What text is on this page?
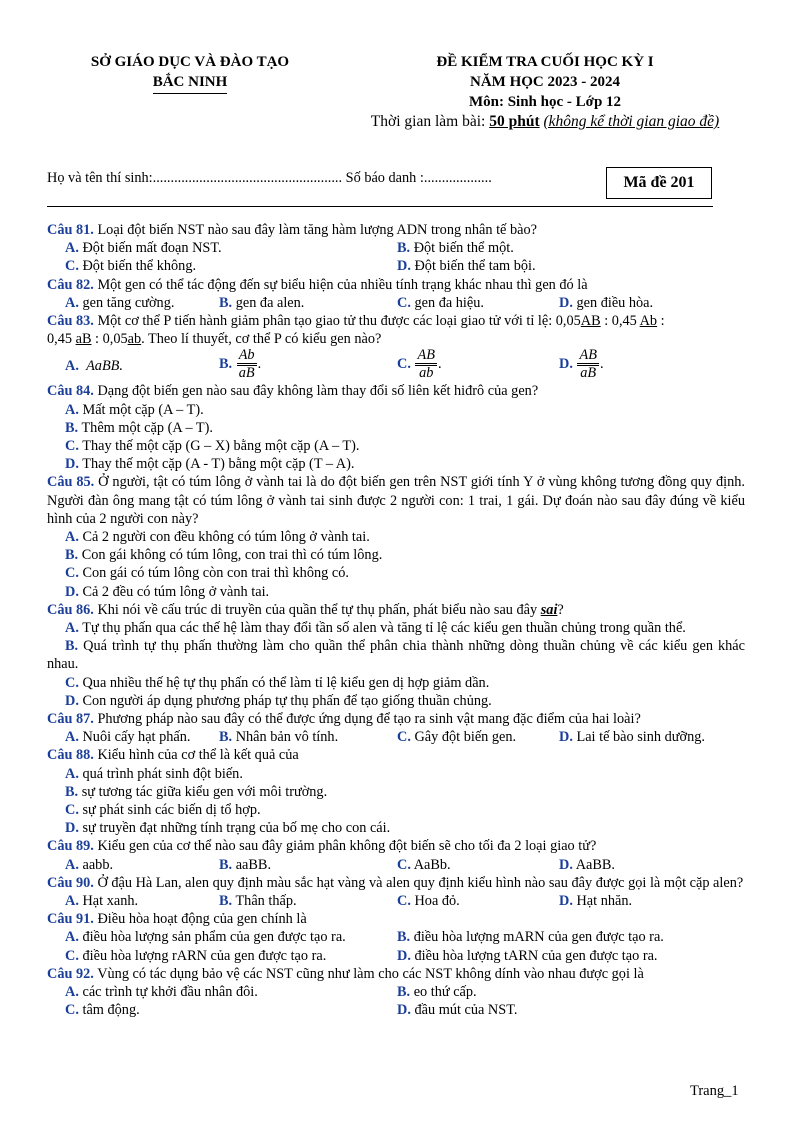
SỞ GIÁO DỤC VÀ ĐÀO TẠO
BẮC NINH
ĐỀ KIỂM TRA CUỐI HỌC KỲ I
NĂM HỌC 2023 - 2024
Môn: Sinh học - Lớp 12
Thời gian làm bài: 50 phút (không kể thời gian giao đề)
Họ và tên thí sinh:..................................................... Số báo danh :...................	Mã đề 201

Câu 81. Loại đột biến NST nào sau đây làm tăng hàm lượng ADN trong nhân tế bào?

A. Đột biến mất đoạn NST.	B. Đột biến thể một.
C. Đột biến thể không.	D. Đột biến thể tam bội.

Câu 82. Một gen có thể tác động đến sự biểu hiện của nhiều tính trạng khác nhau thì gen đó là

A. gen tăng cường.	B. gen đa alen.	C. gen đa hiệu.	D. gen điều hòa.

Câu 83. Một cơ thể P tiến hành giảm phân tạo giao tử thu được các loại giao tử với tỉ lệ: 0,05AB : 0,45 Ab :
0,45 aB : 0,05ab. Theo lí thuyết, cơ thể P có kiểu gen nào?

A. AaBB.	B. $\frac{Ab}{aB}$ .	C. $\frac{AB}{ab}$ .	D. $\frac{AB}{aB}$ .

Câu 84. Dạng đột biến gen nào sau đây không làm thay đổi số liên kết hiđrô của gen?

A. Mất một cặp (A – T).
B. Thêm một cặp (A – T).
C. Thay thế một cặp (G – X) bằng một cặp (A – T).
D. Thay thế một cặp (A - T) bằng một cặp (T – A).

Câu 85. Ở người, tật có túm lông ở vành tai là do đột biến gen trên NST giới tính Y ở vùng không tương đồng quy định. Người đàn ông mang tật có túm lông ở vành tai sinh được 2 người con: 1 trai, 1 gái. Dự đoán nào sau đây đúng về kiểu hình của 2 người con này?

A. Cả 2 người con đều không có túm lông ở vành tai.
B. Con gái không có túm lông, con trai thì có túm lông.
C. Con gái có túm lông còn con trai thì không có.
D. Cả 2 đều có túm lông ở vành tai.

Câu 86. Khi nói về cấu trúc di truyền của quần thể tự thụ phấn, phát biểu nào sau đây sai?

A. Tự thụ phấn qua các thế hệ làm thay đổi tần số alen và tăng tỉ lệ các kiểu gen thuần chủng trong quần thể.

B. Quá trình tự thụ phấn thường làm cho quần thể phân chia thành những dòng thuần chủng về các kiểu gen khác nhau.

C. Qua nhiều thế hệ tự thụ phấn có thể làm tỉ lệ kiểu gen dị hợp giảm dần.
D. Con người áp dụng phương pháp tự thụ phấn để tạo giống thuần chủng.

Câu 87. Phương pháp nào sau đây có thể được ứng dụng để tạo ra sinh vật mang đặc điểm của hai loài?

A. Nuôi cấy hạt phấn. B. Nhân bản vô tính.	C. Gây đột biến gen.	D. Lai tế bào sinh dưỡng.

Câu 88. Kiểu hình của cơ thể là kết quả của

A. quá trình phát sinh đột biến.
B. sự tương tác giữa kiểu gen với môi trường.
C. sự phát sinh các biến dị tổ hợp.
D. sự truyền đạt những tính trạng của bố mẹ cho con cái.

Câu 89. Kiểu gen của cơ thể nào sau đây giảm phân không đột biến sẽ cho tối đa 2 loại giao tử?

A. aabb.	B. aaBB.	C. AaBb.	D. AaBB.

Câu 90. Ở đậu Hà Lan, alen quy định màu sắc hạt vàng và alen quy định kiểu hình nào sau đây được gọi là một cặp alen?

A. Hạt xanh.	B. Thân thấp.	C. Hoa đỏ.	D. Hạt nhăn.

Câu 91. Điều hòa hoạt động của gen chính là

A. điều hòa lượng sản phẩm của gen được tạo ra.	B. điều hòa lượng mARN của gen được tạo ra.
C. điều hòa lượng rARN của gen được tạo ra.	D. điều hòa lượng tARN của gen được tạo ra.

Câu 92. Vùng có tác dụng bảo vệ các NST cũng như làm cho các NST không dính vào nhau được gọi là

A. các trình tự khởi đầu nhân đôi.	B. eo thứ cấp.
C. tâm động.	D. đầu mút của NST.
Trang_1
